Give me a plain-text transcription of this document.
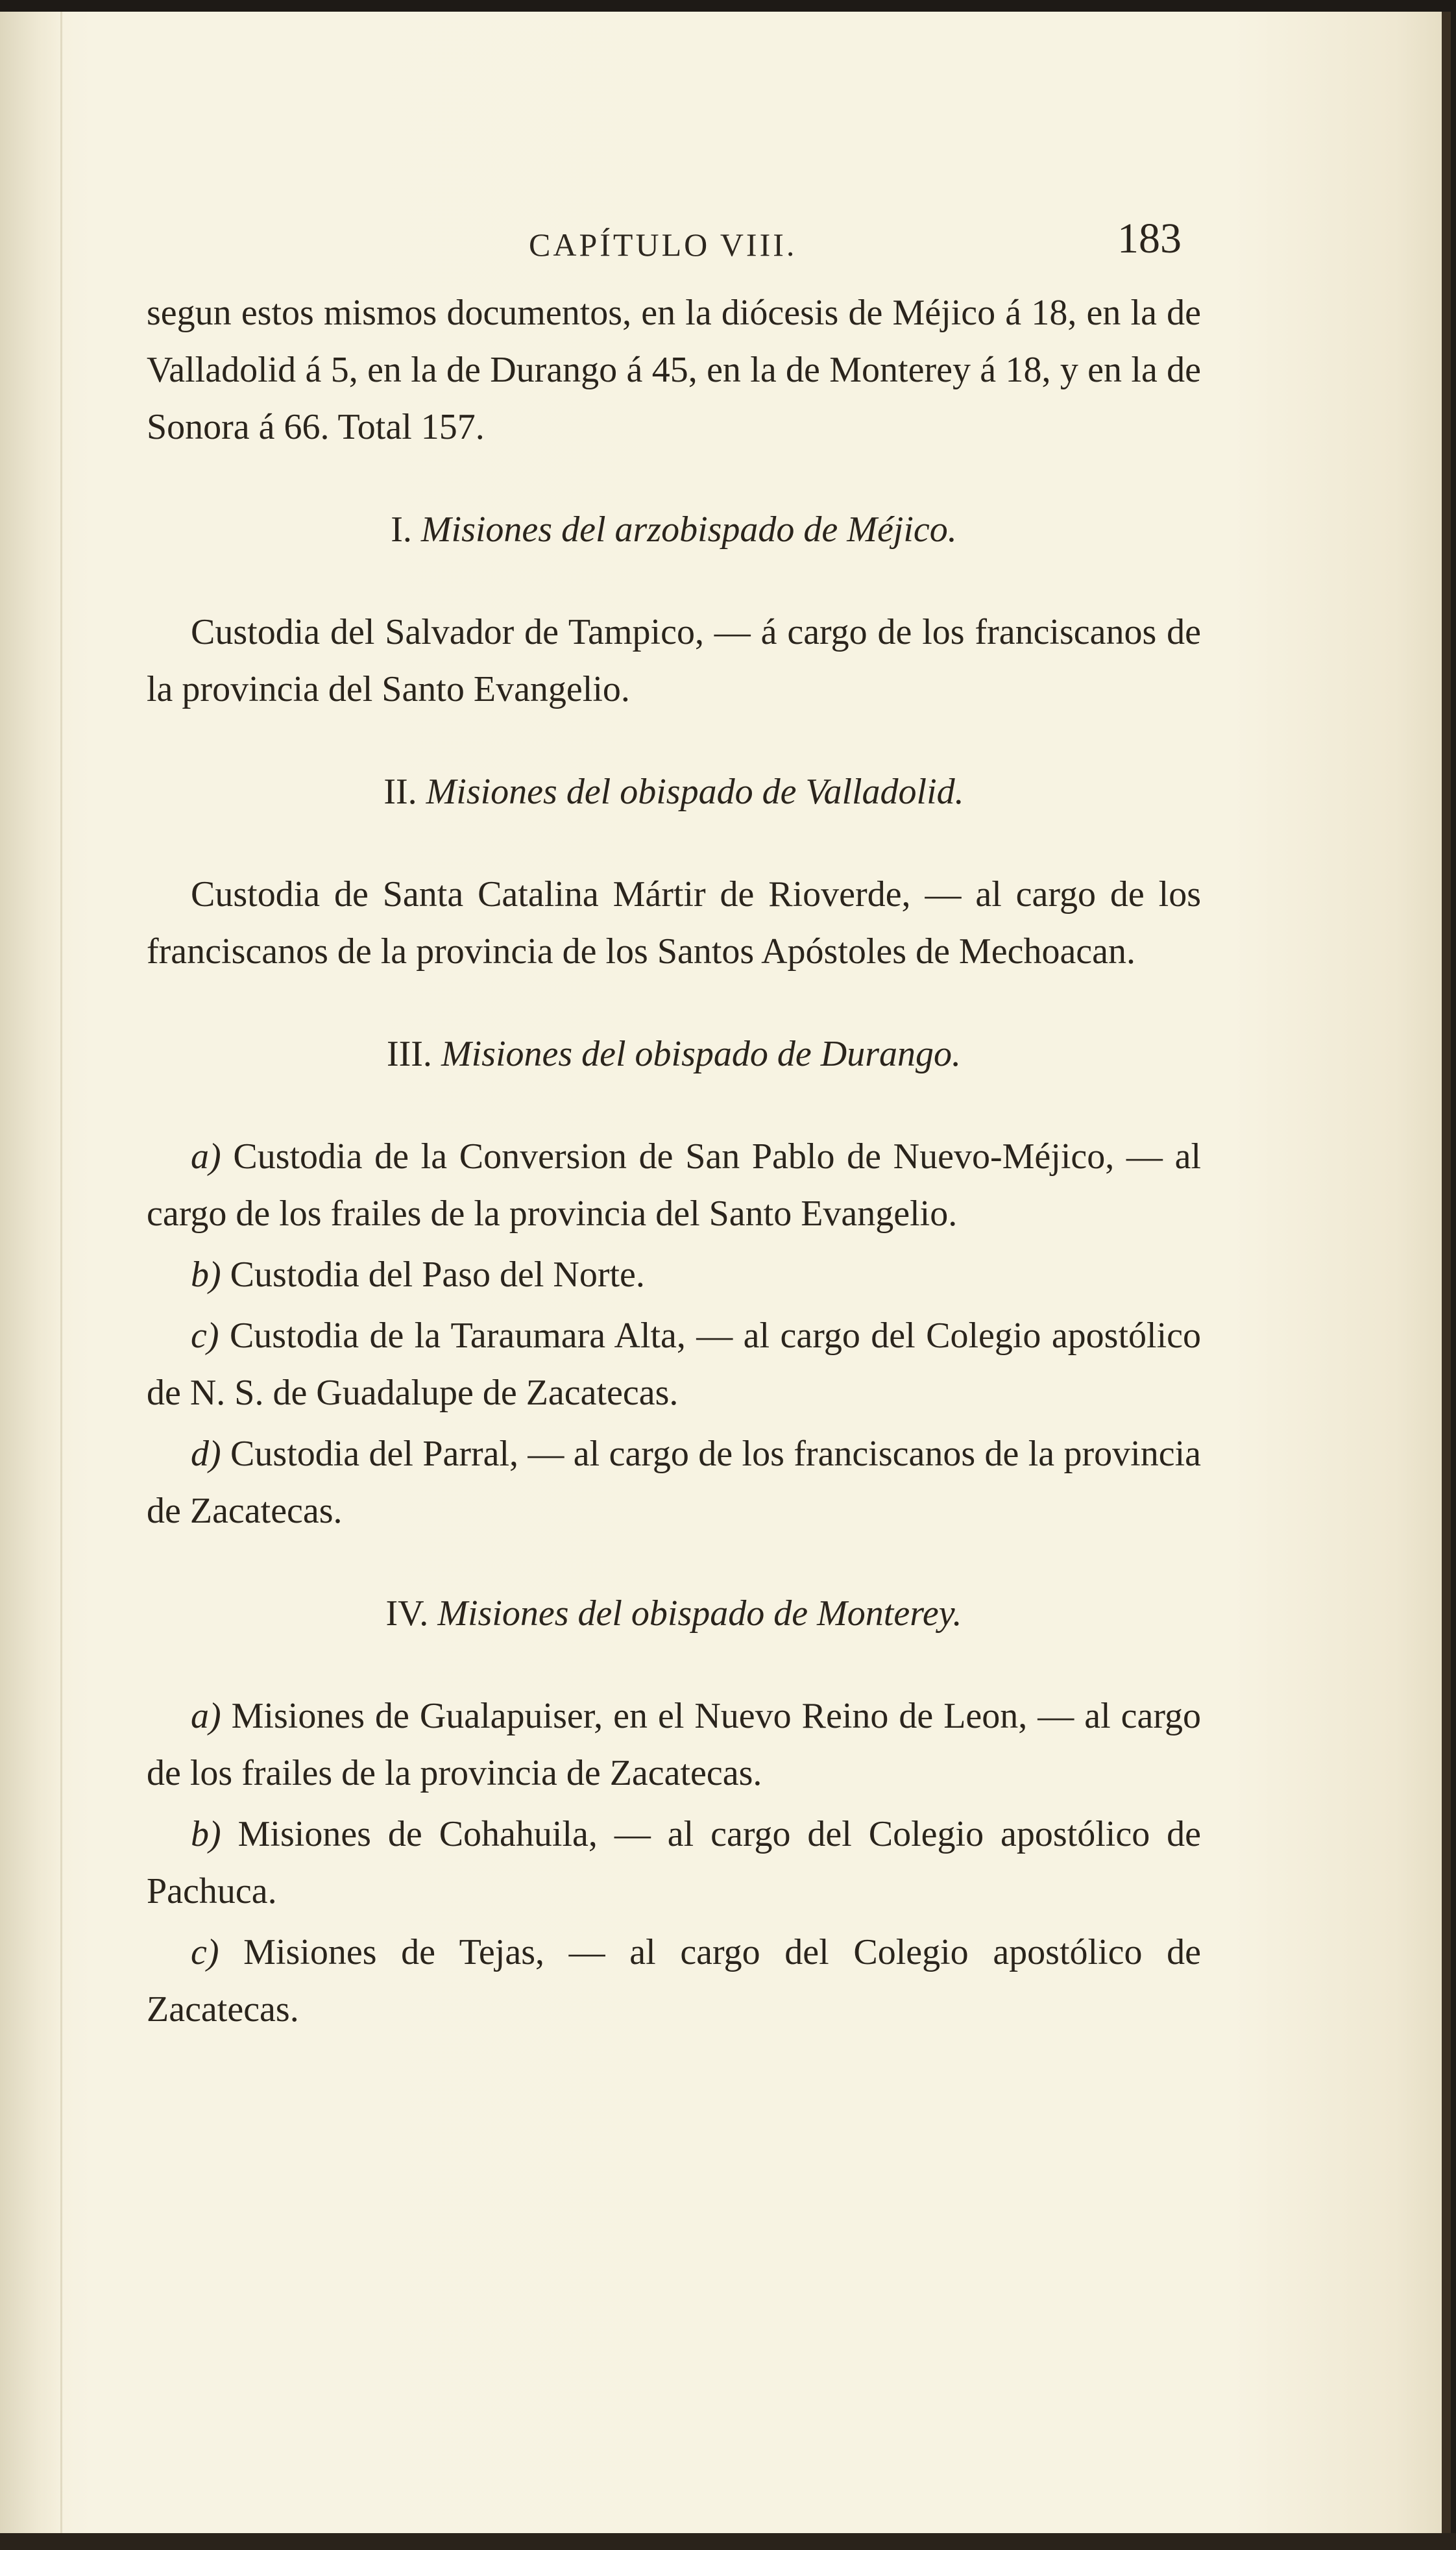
CAPÍTULO VIII.	183

segun estos mismos documentos, en la diócesis de Méjico á 18, en la de Valladolid á 5, en la de Durango á 45, en la de Monterey á 18, y en la de Sonora á 66. Total 157.

I. Misiones del arzobispado de Méjico.

Custodia del Salvador de Tampico, — á cargo de los franciscanos de la provincia del Santo Evangelio.

II. Misiones del obispado de Valladolid.

Custodia de Santa Catalina Mártir de Rioverde, — al cargo de los franciscanos de la provincia de los Santos Apóstoles de Mechoacan.

III. Misiones del obispado de Durango.

a) Custodia de la Conversion de San Pablo de Nuevo-Méjico, — al cargo de los frailes de la provincia del Santo Evangelio.

b) Custodia del Paso del Norte.

c) Custodia de la Taraumara Alta, — al cargo del Colegio apostólico de N. S. de Guadalupe de Zacatecas.

d) Custodia del Parral, — al cargo de los franciscanos de la provincia de Zacatecas.

IV. Misiones del obispado de Monterey.

a) Misiones de Gualapuiser, en el Nuevo Reino de Leon, — al cargo de los frailes de la provincia de Zacatecas.

b) Misiones de Cohahuila, — al cargo del Colegio apostólico de Pachuca.

c) Misiones de Tejas, — al cargo del Colegio apostólico de Zacatecas.
